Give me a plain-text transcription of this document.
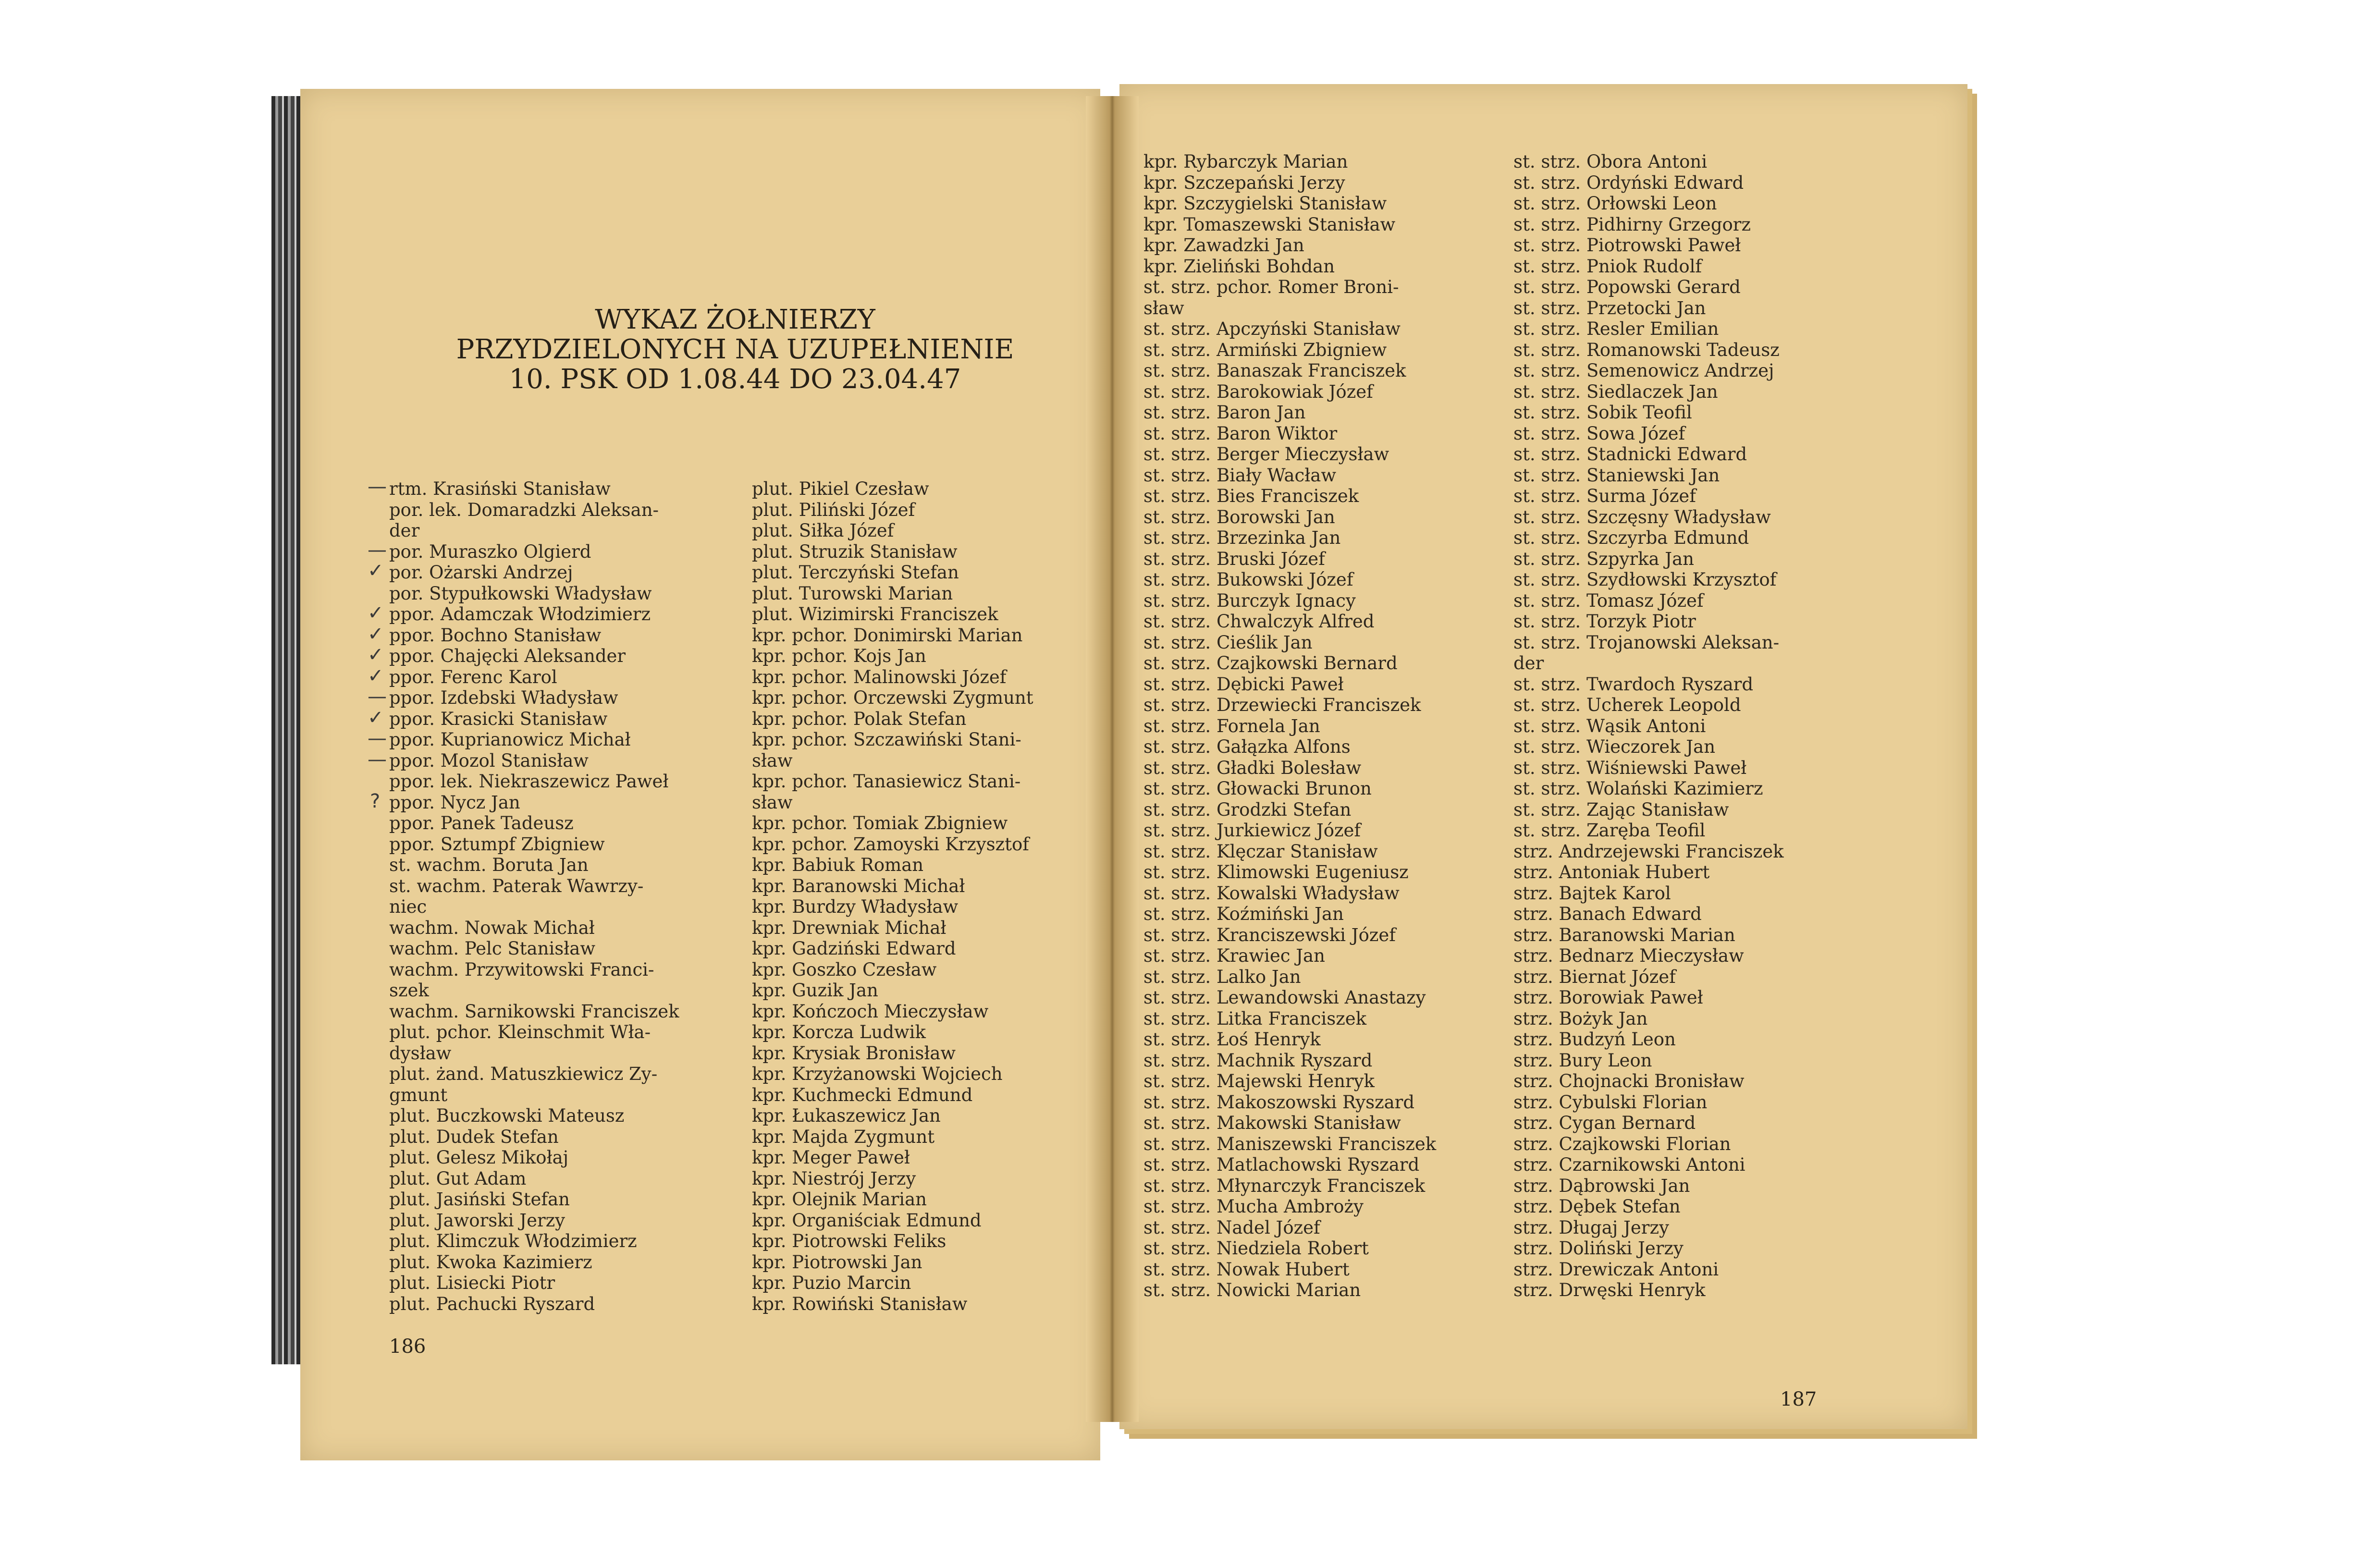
WYKAZ ŻOŁNIERZY
PRZYDZIELONYCH NA UZUPEŁNIENIE
10. PSK OD 1.08.44 DO 23.04.47
rtm. Krasiński Stanisław
por. lek. Domaradzki Aleksan-
der
por. Muraszko Olgierd
por. Ożarski Andrzej
por. Stypułkowski Władysław
ppor. Adamczak Włodzimierz
ppor. Bochno Stanisław
ppor. Chajęcki Aleksander
ppor. Ferenc Karol
ppor. Izdebski Władysław
ppor. Krasicki Stanisław
ppor. Kuprianowicz Michał
ppor. Mozol Stanisław
ppor. lek. Niekraszewicz Paweł
ppor. Nycz Jan
ppor. Panek Tadeusz
ppor. Sztumpf Zbigniew
st. wachm. Boruta Jan
st. wachm. Paterak Wawrzy-
niec
wachm. Nowak Michał
wachm. Pelc Stanisław
wachm. Przywitowski Franci-
szek
wachm. Sarnikowski Franciszek
plut. pchor. Kleinschmit Wła-
dysław
plut. żand. Matuszkiewicz Zy-
gmunt
plut. Buczkowski Mateusz
plut. Dudek Stefan
plut. Gelesz Mikołaj
plut. Gut Adam
plut. Jasiński Stefan
plut. Jaworski Jerzy
plut. Klimczuk Włodzimierz
plut. Kwoka Kazimierz
plut. Lisiecki Piotr
plut. Pachucki Ryszard
plut. Pikiel Czesław
plut. Piliński Józef
plut. Siłka Józef
plut. Struzik Stanisław
plut. Terczyński Stefan
plut. Turowski Marian
plut. Wizimirski Franciszek
kpr. pchor. Donimirski Marian
kpr. pchor. Kojs Jan
kpr. pchor. Malinowski Józef
kpr. pchor. Orczewski Zygmunt
kpr. pchor. Polak Stefan
kpr. pchor. Szczawiński Stani-
sław
kpr. pchor. Tanasiewicz Stani-
sław
kpr. pchor. Tomiak Zbigniew
kpr. pchor. Zamoyski Krzysztof
kpr. Babiuk Roman
kpr. Baranowski Michał
kpr. Burdzy Władysław
kpr. Drewniak Michał
kpr. Gadziński Edward
kpr. Goszko Czesław
kpr. Guzik Jan
kpr. Kończoch Mieczysław
kpr. Korcza Ludwik
kpr. Krysiak Bronisław
kpr. Krzyżanowski Wojciech
kpr. Kuchmecki Edmund
kpr. Łukaszewicz Jan
kpr. Majda Zygmunt
kpr. Meger Paweł
kpr. Niestrój Jerzy
kpr. Olejnik Marian
kpr. Organiściak Edmund
kpr. Piotrowski Feliks
kpr. Piotrowski Jan
kpr. Puzio Marcin
kpr. Rowiński Stanisław
kpr. Rybarczyk Marian
kpr. Szczepański Jerzy
kpr. Szczygielski Stanisław
kpr. Tomaszewski Stanisław
kpr. Zawadzki Jan
kpr. Zieliński Bohdan
st. strz. pchor. Romer Broni-
sław
st. strz. Apczyński Stanisław
st. strz. Armiński Zbigniew
st. strz. Banaszak Franciszek
st. strz. Barokowiak Józef
st. strz. Baron Jan
st. strz. Baron Wiktor
st. strz. Berger Mieczysław
st. strz. Biały Wacław
st. strz. Bies Franciszek
st. strz. Borowski Jan
st. strz. Brzezinka Jan
st. strz. Bruski Józef
st. strz. Bukowski Józef
st. strz. Burczyk Ignacy
st. strz. Chwalczyk Alfred
st. strz. Cieślik Jan
st. strz. Czajkowski Bernard
st. strz. Dębicki Paweł
st. strz. Drzewiecki Franciszek
st. strz. Fornela Jan
st. strz. Gałązka Alfons
st. strz. Gładki Bolesław
st. strz. Głowacki Brunon
st. strz. Grodzki Stefan
st. strz. Jurkiewicz Józef
st. strz. Klęczar Stanisław
st. strz. Klimowski Eugeniusz
st. strz. Kowalski Władysław
st. strz. Koźmiński Jan
st. strz. Kranciszewski Józef
st. strz. Krawiec Jan
st. strz. Lalko Jan
st. strz. Lewandowski Anastazy
st. strz. Litka Franciszek
st. strz. Łoś Henryk
st. strz. Machnik Ryszard
st. strz. Majewski Henryk
st. strz. Makoszowski Ryszard
st. strz. Makowski Stanisław
st. strz. Maniszewski Franciszek
st. strz. Matlachowski Ryszard
st. strz. Młynarczyk Franciszek
st. strz. Mucha Ambroży
st. strz. Nadel Józef
st. strz. Niedziela Robert
st. strz. Nowak Hubert
st. strz. Nowicki Marian
st. strz. Obora Antoni
st. strz. Ordyński Edward
st. strz. Orłowski Leon
st. strz. Pidhirny Grzegorz
st. strz. Piotrowski Paweł
st. strz. Pniok Rudolf
st. strz. Popowski Gerard
st. strz. Przetocki Jan
st. strz. Resler Emilian
st. strz. Romanowski Tadeusz
st. strz. Semenowicz Andrzej
st. strz. Siedlaczek Jan
st. strz. Sobik Teofil
st. strz. Sowa Józef
st. strz. Stadnicki Edward
st. strz. Staniewski Jan
st. strz. Surma Józef
st. strz. Szczęsny Władysław
st. strz. Szczyrba Edmund
st. strz. Szpyrka Jan
st. strz. Szydłowski Krzysztof
st. strz. Tomasz Józef
st. strz. Torzyk Piotr
st. strz. Trojanowski Aleksan-
der
st. strz. Twardoch Ryszard
st. strz. Ucherek Leopold
st. strz. Wąsik Antoni
st. strz. Wieczorek Jan
st. strz. Wiśniewski Paweł
st. strz. Wolański Kazimierz
st. strz. Zając Stanisław
st. strz. Zaręba Teofil
strz. Andrzejewski Franciszek
strz. Antoniak Hubert
strz. Bajtek Karol
strz. Banach Edward
strz. Baranowski Marian
strz. Bednarz Mieczysław
strz. Biernat Józef
strz. Borowiak Paweł
strz. Bożyk Jan
strz. Budzyń Leon
strz. Bury Leon
strz. Chojnacki Bronisław
strz. Cybulski Florian
strz. Cygan Bernard
strz. Czajkowski Florian
strz. Czarnikowski Antoni
strz. Dąbrowski Jan
strz. Dębek Stefan
strz. Długaj Jerzy
strz. Doliński Jerzy
strz. Drewiczak Antoni
strz. Drwęski Henryk
186
187
—
—
✓
✓
✓
✓
✓
—
✓
—
—
?
